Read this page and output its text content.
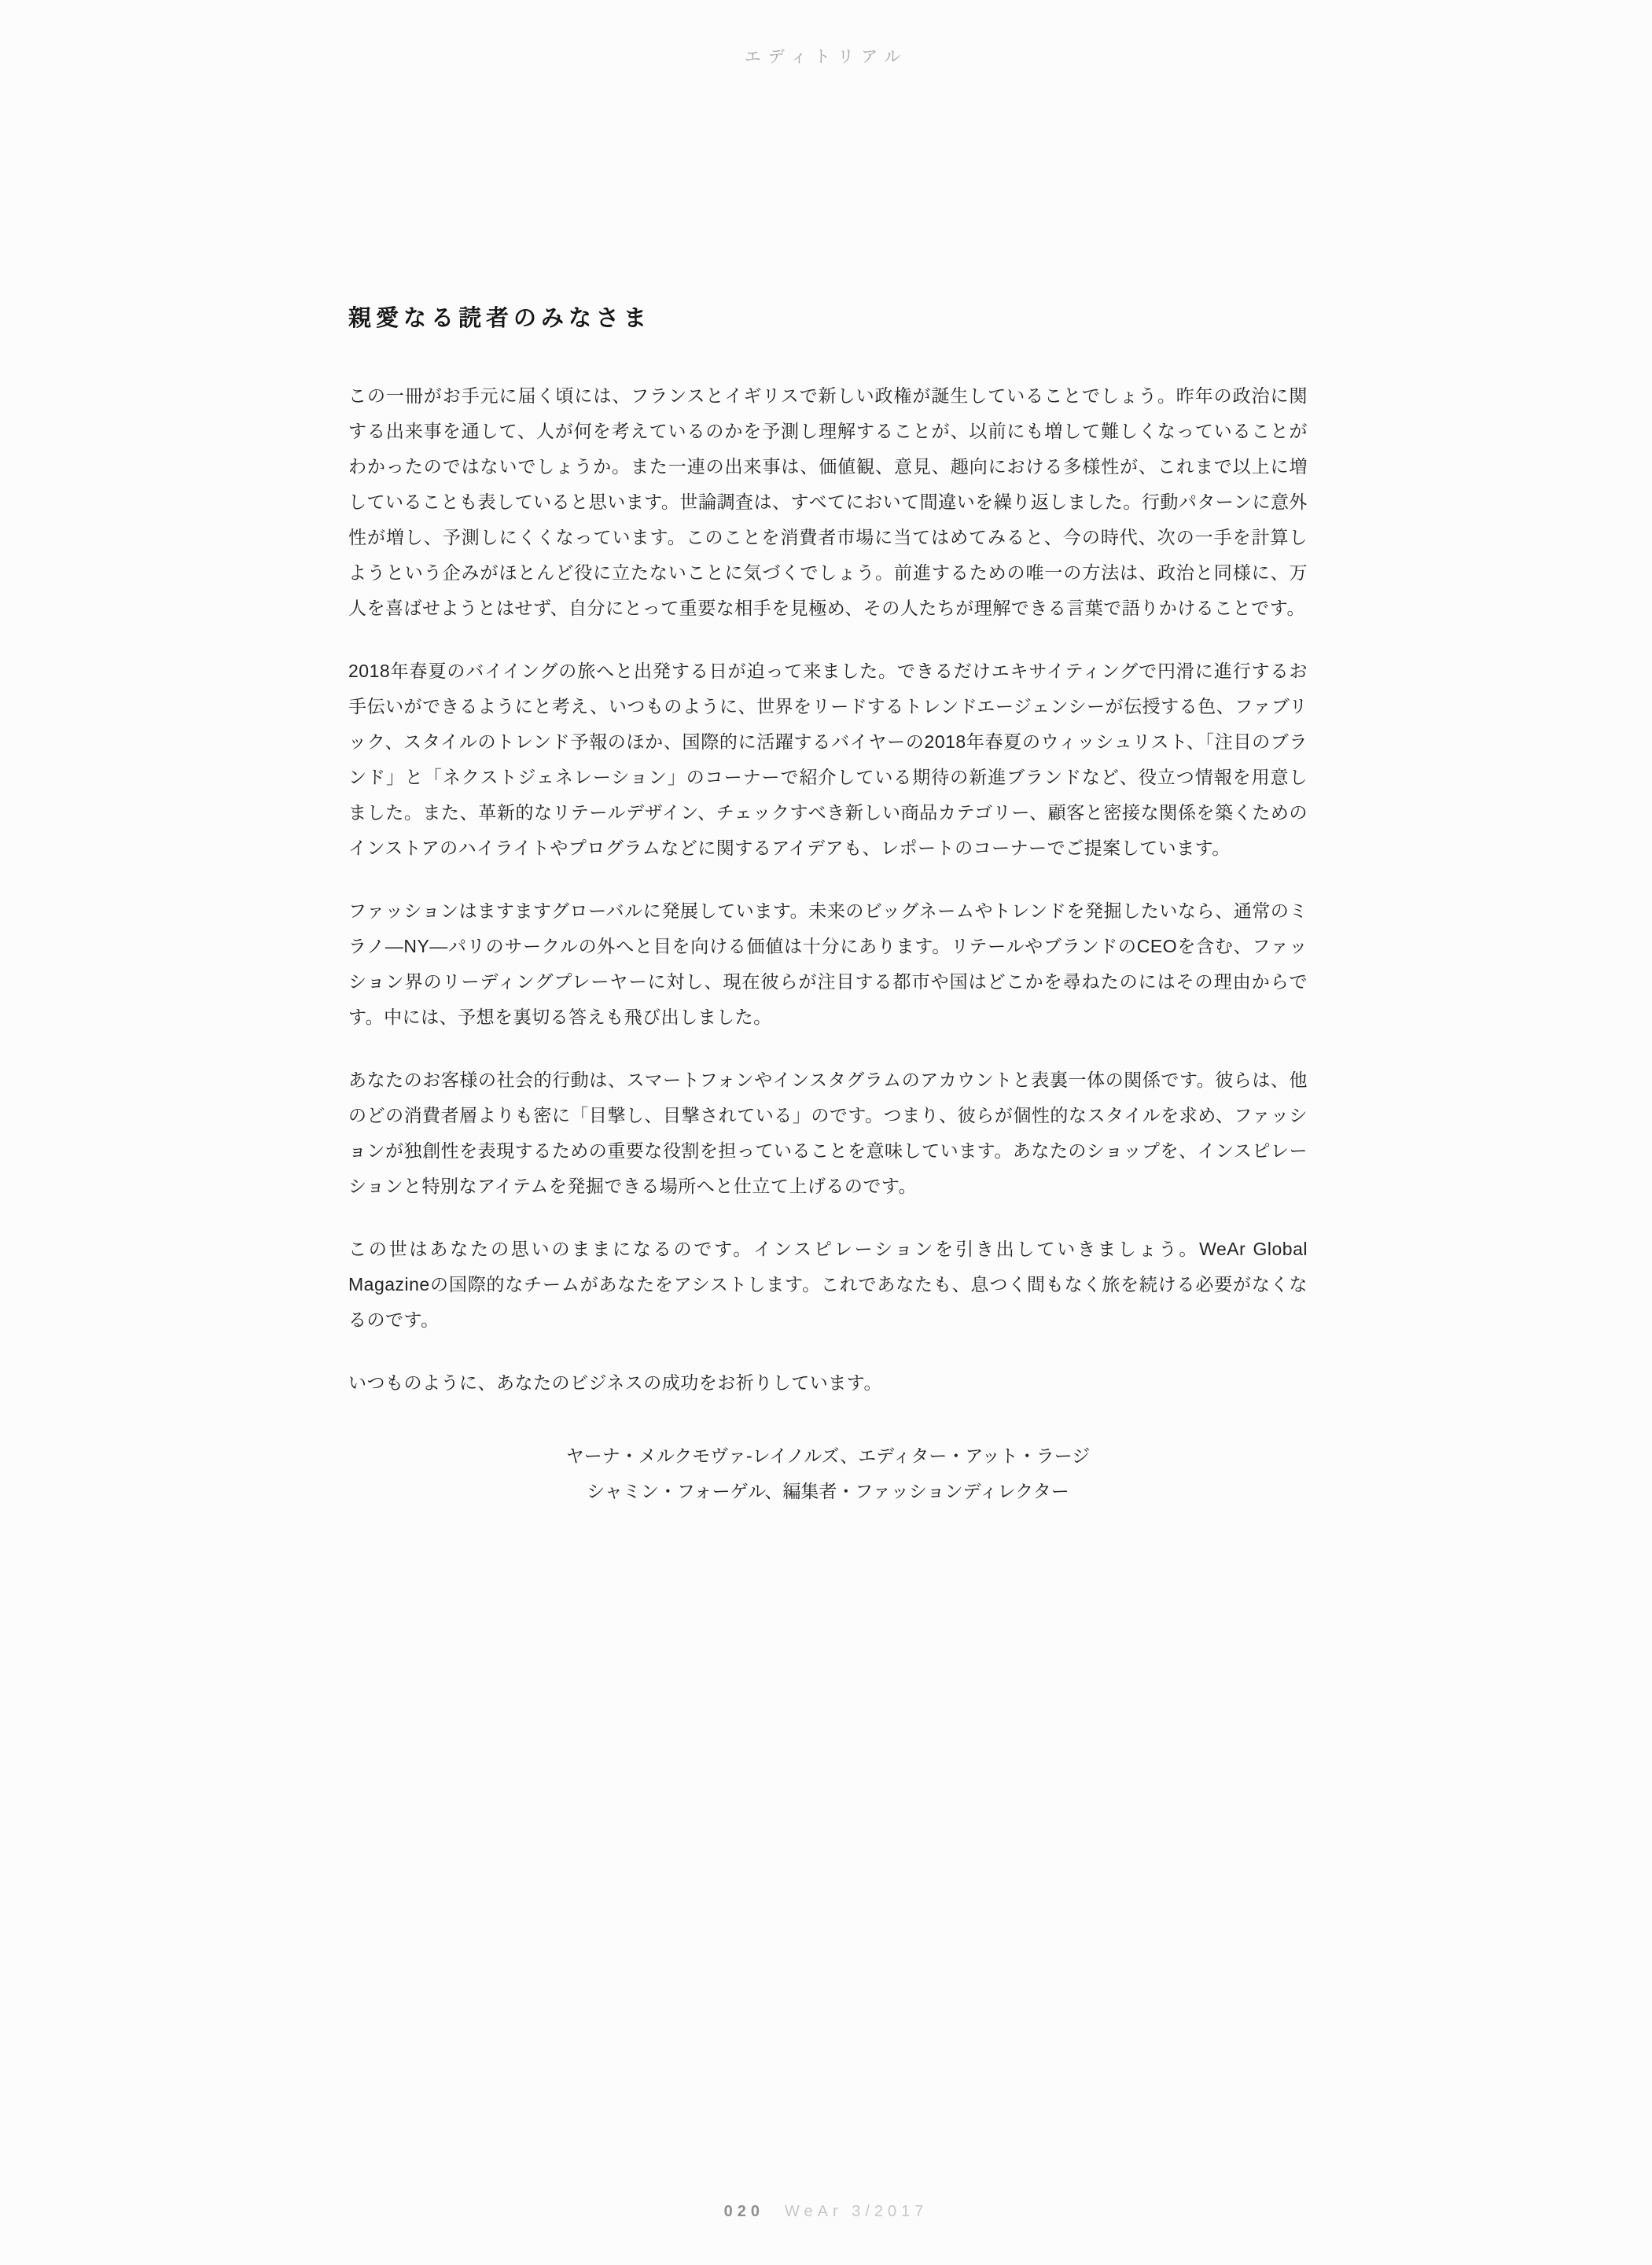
エディトリアル
親愛なる読者のみなさま

この一冊がお手元に届く頃には、フランスとイギリスで新しい政権が誕生していることでしょう。昨年の政治に関する出来事を通して、人が何を考えているのかを予測し理解することが、以前にも増して難しくなっていることがわかったのではないでしょうか。また一連の出来事は、価値観、意見、趣向における多様性が、これまで以上に増していることも表していると思います。世論調査は、すべてにおいて間違いを繰り返しました。行動パターンに意外性が増し、予測しにくくなっています。このことを消費者市場に当てはめてみると、今の時代、次の一手を計算しようという企みがほとんど役に立たないことに気づくでしょう。前進するための唯一の方法は、政治と同様に、万人を喜ばせようとはせず、自分にとって重要な相手を見極め、その人たちが理解できる言葉で語りかけることです。

2018年春夏のバイイングの旅へと出発する日が迫って来ました。できるだけエキサイティングで円滑に進行するお手伝いができるようにと考え、いつものように、世界をリードするトレンドエージェンシーが伝授する色、ファブリック、スタイルのトレンド予報のほか、国際的に活躍するバイヤーの2018年春夏のウィッシュリスト、「注目のブランド」と「ネクストジェネレーション」のコーナーで紹介している期待の新進ブランドなど、役立つ情報を用意しました。また、革新的なリテールデザイン、チェックすべき新しい商品カテゴリー、顧客と密接な関係を築くためのインストアのハイライトやプログラムなどに関するアイデアも、レポートのコーナーでご提案しています。

ファッションはますますグローバルに発展しています。未来のビッグネームやトレンドを発掘したいなら、通常のミラノ―NY―パリのサークルの外へと目を向ける価値は十分にあります。リテールやブランドのCEOを含む、ファッション界のリーディングプレーヤーに対し、現在彼らが注目する都市や国はどこかを尋ねたのにはその理由からです。中には、予想を裏切る答えも飛び出しました。

あなたのお客様の社会的行動は、スマートフォンやインスタグラムのアカウントと表裏一体の関係です。彼らは、他のどの消費者層よりも密に「目撃し、目撃されている」のです。つまり、彼らが個性的なスタイルを求め、ファッションが独創性を表現するための重要な役割を担っていることを意味しています。あなたのショップを、インスピレーションと特別なアイテムを発掘できる場所へと仕立て上げるのです。

この世はあなたの思いのままになるのです。インスピレーションを引き出していきましょう。WeAr Global Magazineの国際的なチームがあなたをアシストします。これであなたも、息つく間もなく旅を続ける必要がなくなるのです。

いつものように、あなたのビジネスの成功をお祈りしています。

ヤーナ・メルクモヴァ-レイノルズ、エディター・アット・ラージ
シャミン・フォーゲル、編集者・ファッションディレクター
020 WeAr 3/2017
